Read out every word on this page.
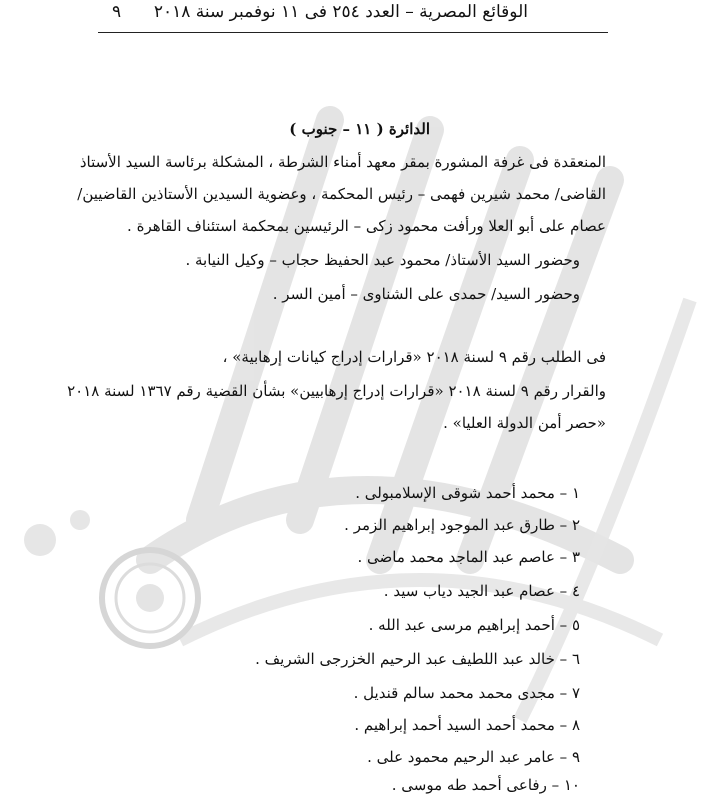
الوقائع المصرية – العدد ٢٥٤ فى ١١ نوفمبر سنة ٢٠١٨
٩
الدائرة ( ١١ – جنوب )
المنعقدة فى غرفة المشورة بمقر معهد أمناء الشرطة ، المشكلة برئاسة السيد الأستاذ
القاضى/ محمد شيرين فهمى – رئيس المحكمة ، وعضوية السيدين الأستاذين القاضيين/
عصام على أبو العلا ورأفت محمود زكى – الرئيسين بمحكمة استئناف القاهرة .
وحضور السيد الأستاذ/ محمود عبد الحفيظ حجاب – وكيل النيابة .
وحضور السيد/ حمدى على الشناوى – أمين السر .
فى الطلب رقم ٩ لسنة ٢٠١٨ «قرارات إدراج كيانات إرهابية» ،
والقرار رقم ٩ لسنة ٢٠١٨ «قرارات إدراج إرهابيين» بشأن القضية رقم ١٣٦٧ لسنة ٢٠١٨
«حصر أمن الدولة العليا» .
١ – محمد أحمد شوقى الإسلامبولى .
٢ – طارق عبد الموجود إبراهيم الزمر .
٣ – عاصم عبد الماجد محمد ماضى .
٤ – عصام عبد الجيد دياب سيد .
٥ – أحمد إبراهيم مرسى عبد الله .
٦ – خالد عبد اللطيف عبد الرحيم الخزرجى الشريف .
٧ – مجدى محمد محمد سالم قنديل .
٨ – محمد أحمد السيد أحمد إبراهيم .
٩ – عامر عبد الرحيم محمود على .
١٠ – رفاعى أحمد طه موسى .
